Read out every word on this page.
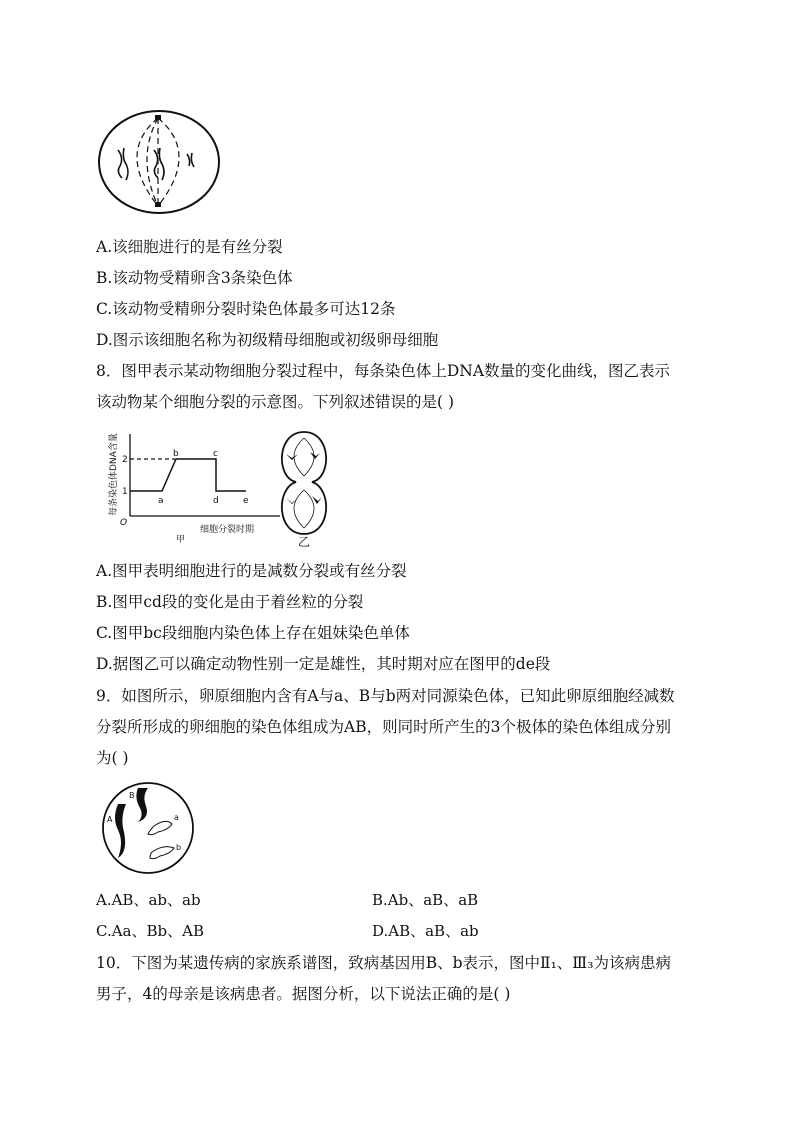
A.该细胞进行的是有丝分裂
B.该动物受精卵含3条染色体
C.该动物受精卵分裂时染色体最多可达12条
D.图示该细胞名称为初级精母细胞或初级卵母细胞
8．图甲表示某动物细胞分裂过程中，每条染色体上DNA数量的变化曲线，图乙表示
该动物某个细胞分裂的示意图。下列叙述错误的是( )
每条染色体DNA含量
O
1
2
a
b	c
d	e
细胞分裂时期
甲	乙
A.图甲表明细胞进行的是减数分裂或有丝分裂
B.图甲cd段的变化是由于着丝粒的分裂
C.图甲bc段细胞内染色体上存在姐妹染色单体
D.据图乙可以确定动物性别一定是雄性，其时期对应在图甲的de段
9．如图所示，卵原细胞内含有A与a、B与b两对同源染色体，已知此卵原细胞经减数
分裂所形成的卵细胞的染色体组成为AB，则同时所产生的3个极体的染色体组成分别
为( )
A
B
a
b
A.AB、ab、ab	B.Ab、aB、aB
C.Aa、Bb、AB	D.AB、aB、ab
10．下图为某遗传病的家族系谱图，致病基因用B、b表示，图中Ⅱ₁、Ⅲ₃为该病患病
男子，4的母亲是该病患者。据图分析，以下说法正确的是( )
